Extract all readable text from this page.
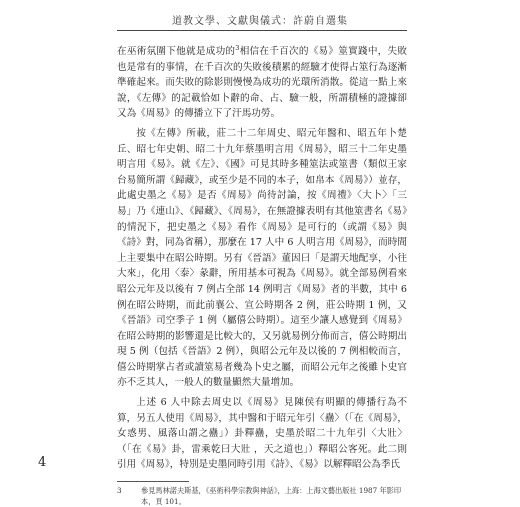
道教文學、文獻與儀式：許蔚自選集

在巫術氛圍下他就是成功的$^3$相信在千百次的《易》筮實踐中，失敗也是常有的事情，在千百次的失敗後積累的經驗才使得占筮行為逐漸準確起來。而失敗的除影則慢慢為成功的光環所消散。從這一點上來說，《左傳》的記載恰如卜辭的命、占、驗一般，所謂積極的證據卻又為《周易》的傳播立下了汗馬功勞。

按《左傳》所載，莊二十二年周史、昭元年醫和、昭五年卜楚丘、昭七年史朝、昭二十九年蔡墨明言用《周易》，昭三十二年史墨明言用《易》。就《左》、《國》可見其時多種筮法或筮書（類似王家台易簡所謂《歸藏》，或至少是不同的本子，如帛本《周易》）並存，此處史墨之《易》是否《周易》尚待討論，按《周禮》〈大卜〉「三易」乃《連山》、《歸藏》、《周易》，在無證據表明有其他筮書名《易》的情況下，把史墨之《易》看作《周易》是可行的（或謂《易》與《詩》對，同為省稱），那麼在 17 人中 6 人明言用《周易》，而時間上主要集中在昭公時期。另有《晉語》董因曰「是謂天地配享，小往大來」，化用〈泰〉彖辭，所用基本可視為《周易》。就全部易例看來昭公元年及以後有 7 例占全部 14 例明言《周易》者的半數，其中 6 例在昭公時期，而此前襄公、宣公時期各 2 例，莊公時期 1 例，又《晉語》司空季子 1 例（屬僖公時期）。這至少讓人感覺到《周易》在昭公時期的影響還是比較大的，又另就易例分佈而言，僖公時期出現 5 例（包括《晉語》2 例），與昭公元年及以後的 7 例相較而言，僖公時期掌占者或讀筮易者幾為卜史之屬，而昭公元年之後雖卜史官亦不乏其人，一般人的數量顯然大量增加。

上述 6 人中除去周史以《周易》見陳侯有明顯的傳播行為不算，另五人使用《周易》，其中醫和于昭元年引〈蠱〉（「在《周易》，女惑男、風落山謂之蠱」）卦釋蠱，史墨於昭二十九年引〈大壯〉（「在《易》卦，雷乘乾曰大壯 ，天之道也」）釋昭公客死。此二則引用《周易》，特別是史墨同時引用《詩》、《易》以解釋昭公為季氏

3	參見馬林諾夫斯基，《巫術科學宗教與神話》，上海：上海文藝出版社 1987 年影印本，頁 101。
4
